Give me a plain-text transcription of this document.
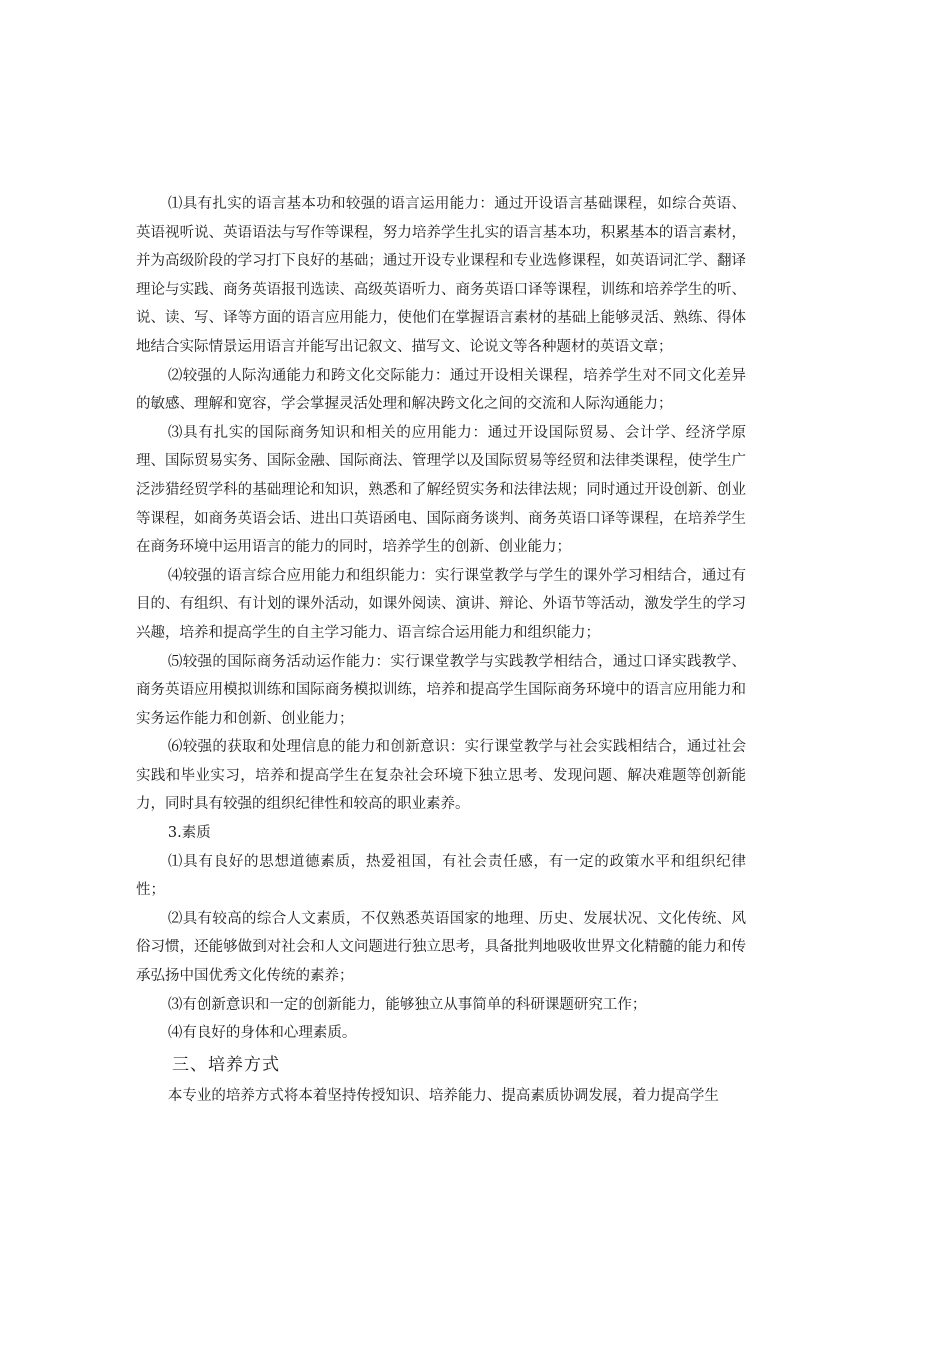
⑴具有扎实的语言基本功和较强的语言运用能力：通过开设语言基础课程，如综合英语、英语视听说、英语语法与写作等课程，努力培养学生扎实的语言基本功，积累基本的语言素材，并为高级阶段的学习打下良好的基础；通过开设专业课程和专业选修课程，如英语词汇学、翻译理论与实践、商务英语报刊选读、高级英语听力、商务英语口译等课程，训练和培养学生的听、说、读、写、译等方面的语言应用能力，使他们在掌握语言素材的基础上能够灵活、熟练、得体地结合实际情景运用语言并能写出记叙文、描写文、论说文等各种题材的英语文章；

⑵较强的人际沟通能力和跨文化交际能力：通过开设相关课程，培养学生对不同文化差异的敏感、理解和宽容，学会掌握灵活处理和解决跨文化之间的交流和人际沟通能力；

⑶具有扎实的国际商务知识和相关的应用能力：通过开设国际贸易、会计学、经济学原理、国际贸易实务、国际金融、国际商法、管理学以及国际贸易等经贸和法律类课程，使学生广泛涉猎经贸学科的基础理论和知识，熟悉和了解经贸实务和法律法规；同时通过开设创新、创业等课程，如商务英语会话、进出口英语函电、国际商务谈判、商务英语口译等课程，在培养学生在商务环境中运用语言的能力的同时，培养学生的创新、创业能力；

⑷较强的语言综合应用能力和组织能力：实行课堂教学与学生的课外学习相结合，通过有目的、有组织、有计划的课外活动，如课外阅读、演讲、辩论、外语节等活动，激发学生的学习兴趣，培养和提高学生的自主学习能力、语言综合运用能力和组织能力；

⑸较强的国际商务活动运作能力：实行课堂教学与实践教学相结合，通过口译实践教学、商务英语应用模拟训练和国际商务模拟训练，培养和提高学生国际商务环境中的语言应用能力和实务运作能力和创新、创业能力；

⑹较强的获取和处理信息的能力和创新意识：实行课堂教学与社会实践相结合，通过社会实践和毕业实习，培养和提高学生在复杂社会环境下独立思考、发现问题、解决难题等创新能力，同时具有较强的组织纪律性和较高的职业素养。

3.素质

⑴具有良好的思想道德素质，热爱祖国，有社会责任感，有一定的政策水平和组织纪律性；

⑵具有较高的综合人文素质，不仅熟悉英语国家的地理、历史、发展状况、文化传统、风俗习惯，还能够做到对社会和人文问题进行独立思考，具备批判地吸收世界文化精髓的能力和传承弘扬中国优秀文化传统的素养；

⑶有创新意识和一定的创新能力，能够独立从事简单的科研课题研究工作；

⑷有良好的身体和心理素质。

三、培养方式

本专业的培养方式将本着坚持传授知识、培养能力、提高素质协调发展，着力提高学生
